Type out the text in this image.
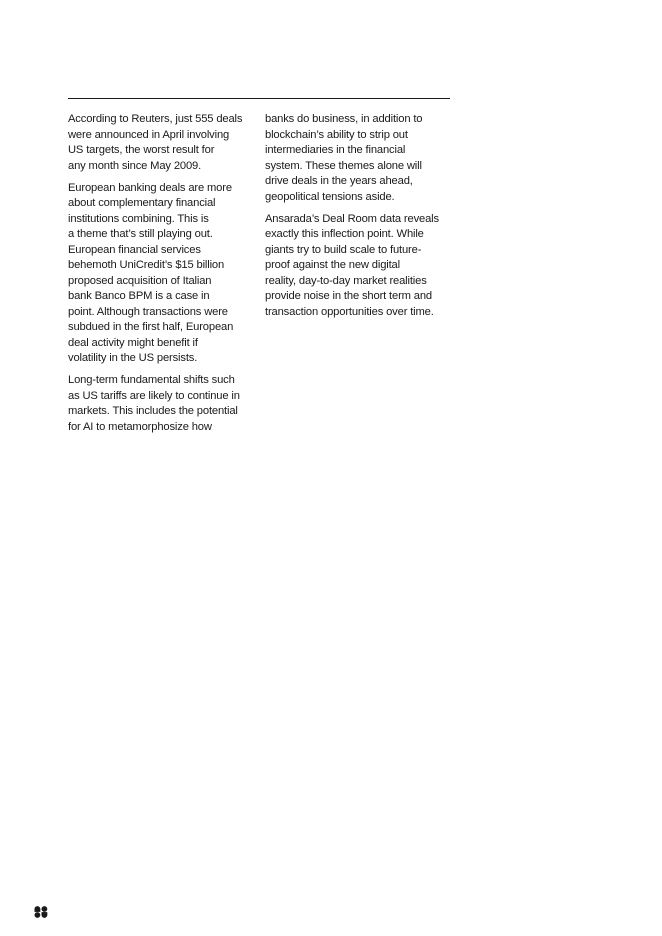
According to Reuters, just 555 deals
were announced in April involving
US targets, the worst result for
any month since May 2009.

European banking deals are more
about complementary financial
institutions combining. This is
a theme that’s still playing out.
European financial services
behemoth UniCredit’s $15 billion
proposed acquisition of Italian
bank Banco BPM is a case in
point. Although transactions were
subdued in the first half, European
deal activity might benefit if
volatility in the US persists.

Long-term fundamental shifts such
as US tariffs are likely to continue in
markets. This includes the potential
for AI to metamorphosize how

banks do business, in addition to
blockchain’s ability to strip out
intermediaries in the financial
system. These themes alone will
drive deals in the years ahead,
geopolitical tensions aside.

Ansarada’s Deal Room data reveals
exactly this inflection point. While
giants try to build scale to future-
proof against the new digital
reality, day-to-day market realities
provide noise in the short term and
transaction opportunities over time.
